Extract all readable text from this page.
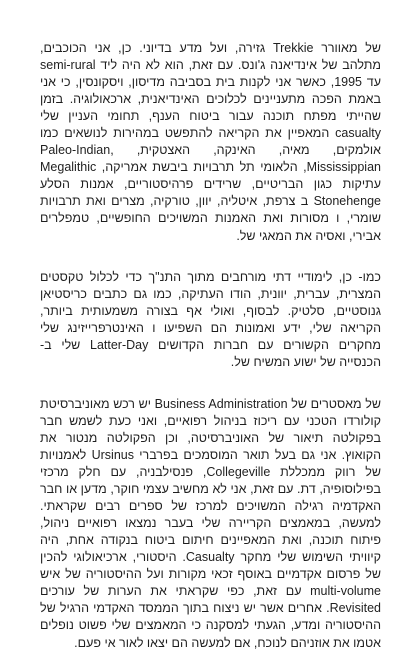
של מאוורר Trekkie גזירה, ועל מדע בדיוני. כן, אני הכוכבים, מתלהב של אינדיאנה ג'ונס. עם זאת, הוא לא היה ליד semi-rural עד 1995, כאשר אני לקנות בית בסביבה מדיסון, ויסקונסין, כי אני באמת הפכה מתעניינים לכלוכים האינדיאנית, ארכאולוגיה. בזמן שהייתי מפתח תוכנה עבור ביטוח הענף, תחומי העניין שלי casualty המאפיין את הקריאה להתפשט במהירות לנושאים כמו אולמקים, מאיה, האינקה, האצטקית, Paleo-Indian, Mississippian, הלאומי תל תרבויות ביבשת אמריקה, Megalithic עתיקות כגון הבריטיים, שרידים פרהיסטוריים, אמנות הסלע Stonehenge ב צרפת, איטליה, יוון, טורקיה, מצרים ואת תרבויות שומרי, ו מסורות ואת האמנות המשויכים החופשיים, טמפלרים אבירי, ואסיה את המאגי של.

כמו- כן, לימודיי דתי מורחבים מתוך התנ"ך כדי לכלול טקסטים המצרית, עברית, יוונית, הודו העתיקה, כמו גם כתבים כריסטיאן גנוסטיים, סלטיק. לבסוף, ואולי אף בצורה משמעותית ביותר, הקריאה שלי, ידע ואמונות הם השפיעו ו האינטרפרייזינג שלי מחקרים הקשורים עם חברות הקדושים Latter-Day שלי ב- הכנסייה של ישוע המשיח של.

של מאסטרים של Business Administration יש רכש מאוניברסיטת קולורדו הטכני עם ריכוז בניהול רפואיים, ואני כעת לשמש חבר בפקולטה תיאור של האוניברסיטה, וכן הפקולטה מנטור את הקואוץ. אני גם בעל תואר המוסמכים בפרברי Ursinus לאמנויות של רווק ממכללת Collegeville, פנסילבניה, עם חלק מרכזי בפילוסופיה, דת. עם זאת, אני לא מחשיב עצמי חוקר, מדען או חבר האקדמיה רגילה המשויכים למרכז של ספרים רבים שקראתי. למעשה, במאמצים הקריירה שלי בעבר נמצאו רפואיים ניהול, פיתוח תוכנה, ואת המאפיינים חיתום ביטוח בנקודה אחת, היה קיוויתי השימוש שלי מחקר Casualty. היסטורי, ארכיאולוגי להכין של פרסום אקדמיים באוסף זכאי מקורות ועל ההיסטוריה של איש multi-volume עם זאת, כפי שקראתי את הערות של עורכים Revisited. אחרים אשר יש ניצוח בתוך הממסד האקדמי הרגיל של ההיסטוריה ומדע, הגעתי למסקנה כי המאמצים שלי פשוט נופלים אטמו את אוזניהם לנוכח, אם למעשה הם יצאו לאור אי פעם.
